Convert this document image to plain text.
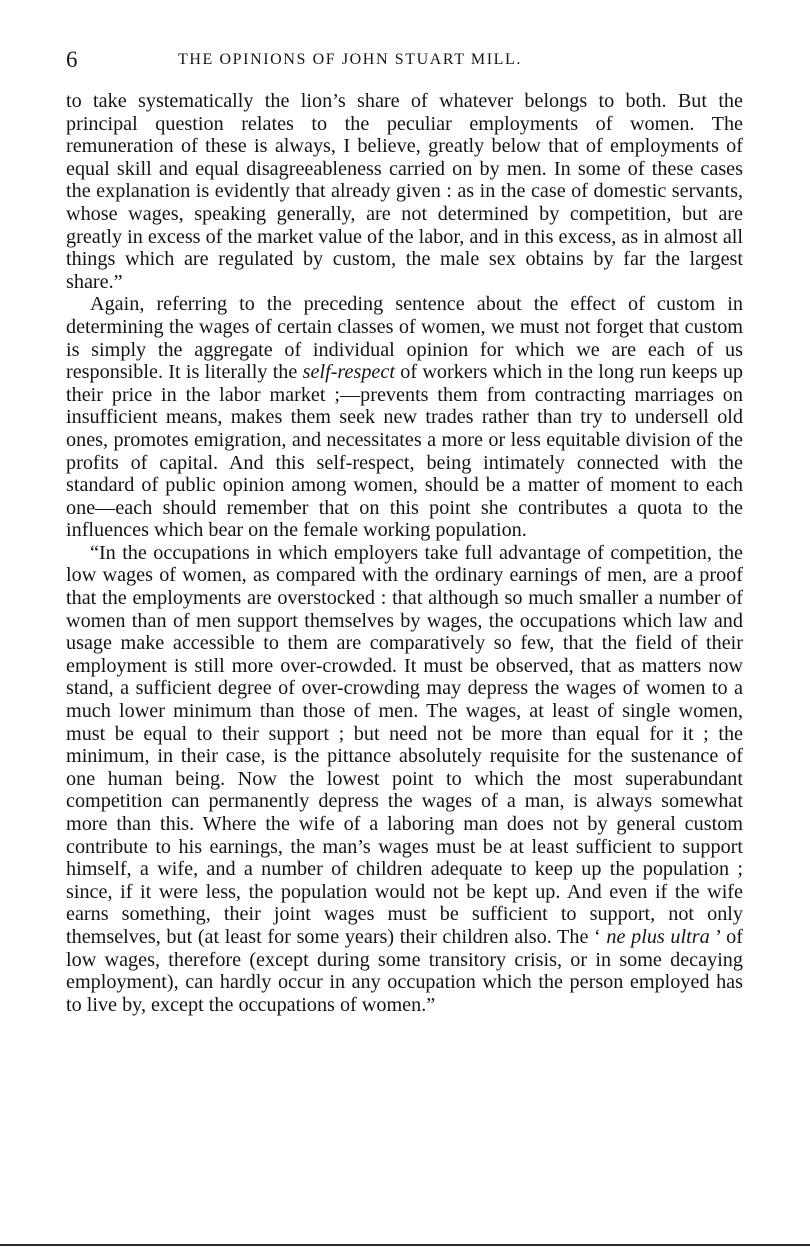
6	THE OPINIONS OF JOHN STUART MILL.

to take systematically the lion’s share of whatever belongs to both. But the principal question relates to the peculiar employments of women. The remuneration of these is always, I believe, greatly below that of employments of equal skill and equal disagreeableness carried on by men. In some of these cases the explanation is evidently that already given : as in the case of domestic servants, whose wages, speaking generally, are not determined by competition, but are greatly in excess of the market value of the labor, and in this excess, as in almost all things which are regulated by custom, the male sex obtains by far the largest share.”

Again, referring to the preceding sentence about the effect of custom in determining the wages of certain classes of women, we must not forget that custom is simply the aggregate of individual opinion for which we are each of us responsible. It is literally the self-respect of workers which in the long run keeps up their price in the labor market ;—prevents them from contracting marriages on insufficient means, makes them seek new trades rather than try to undersell old ones, promotes emigration, and necessitates a more or less equitable division of the profits of capital. And this self-respect, being intimately connected with the standard of public opinion among women, should be a matter of moment to each one—each should remember that on this point she contributes a quota to the influences which bear on the female working population.

“In the occupations in which employers take full advantage of competition, the low wages of women, as compared with the ordinary earnings of men, are a proof that the employments are overstocked : that although so much smaller a number of women than of men support themselves by wages, the occupations which law and usage make accessible to them are comparatively so few, that the field of their employment is still more over-crowded. It must be observed, that as matters now stand, a sufficient degree of over-crowding may depress the wages of women to a much lower minimum than those of men. The wages, at least of single women, must be equal to their support ; but need not be more than equal for it ; the minimum, in their case, is the pittance absolutely requisite for the sustenance of one human being. Now the lowest point to which the most superabundant competition can permanently depress the wages of a man, is always somewhat more than this. Where the wife of a laboring man does not by general custom contribute to his earnings, the man’s wages must be at least sufficient to support himself, a wife, and a number of children adequate to keep up the population ; since, if it were less, the population would not be kept up. And even if the wife earns something, their joint wages must be sufficient to support, not only themselves, but (at least for some years) their children also. The ‘ ne plus ultra ’ of low wages, therefore (except during some transitory crisis, or in some decaying employment), can hardly occur in any occupation which the person employed has to live by, except the occupations of women.”
